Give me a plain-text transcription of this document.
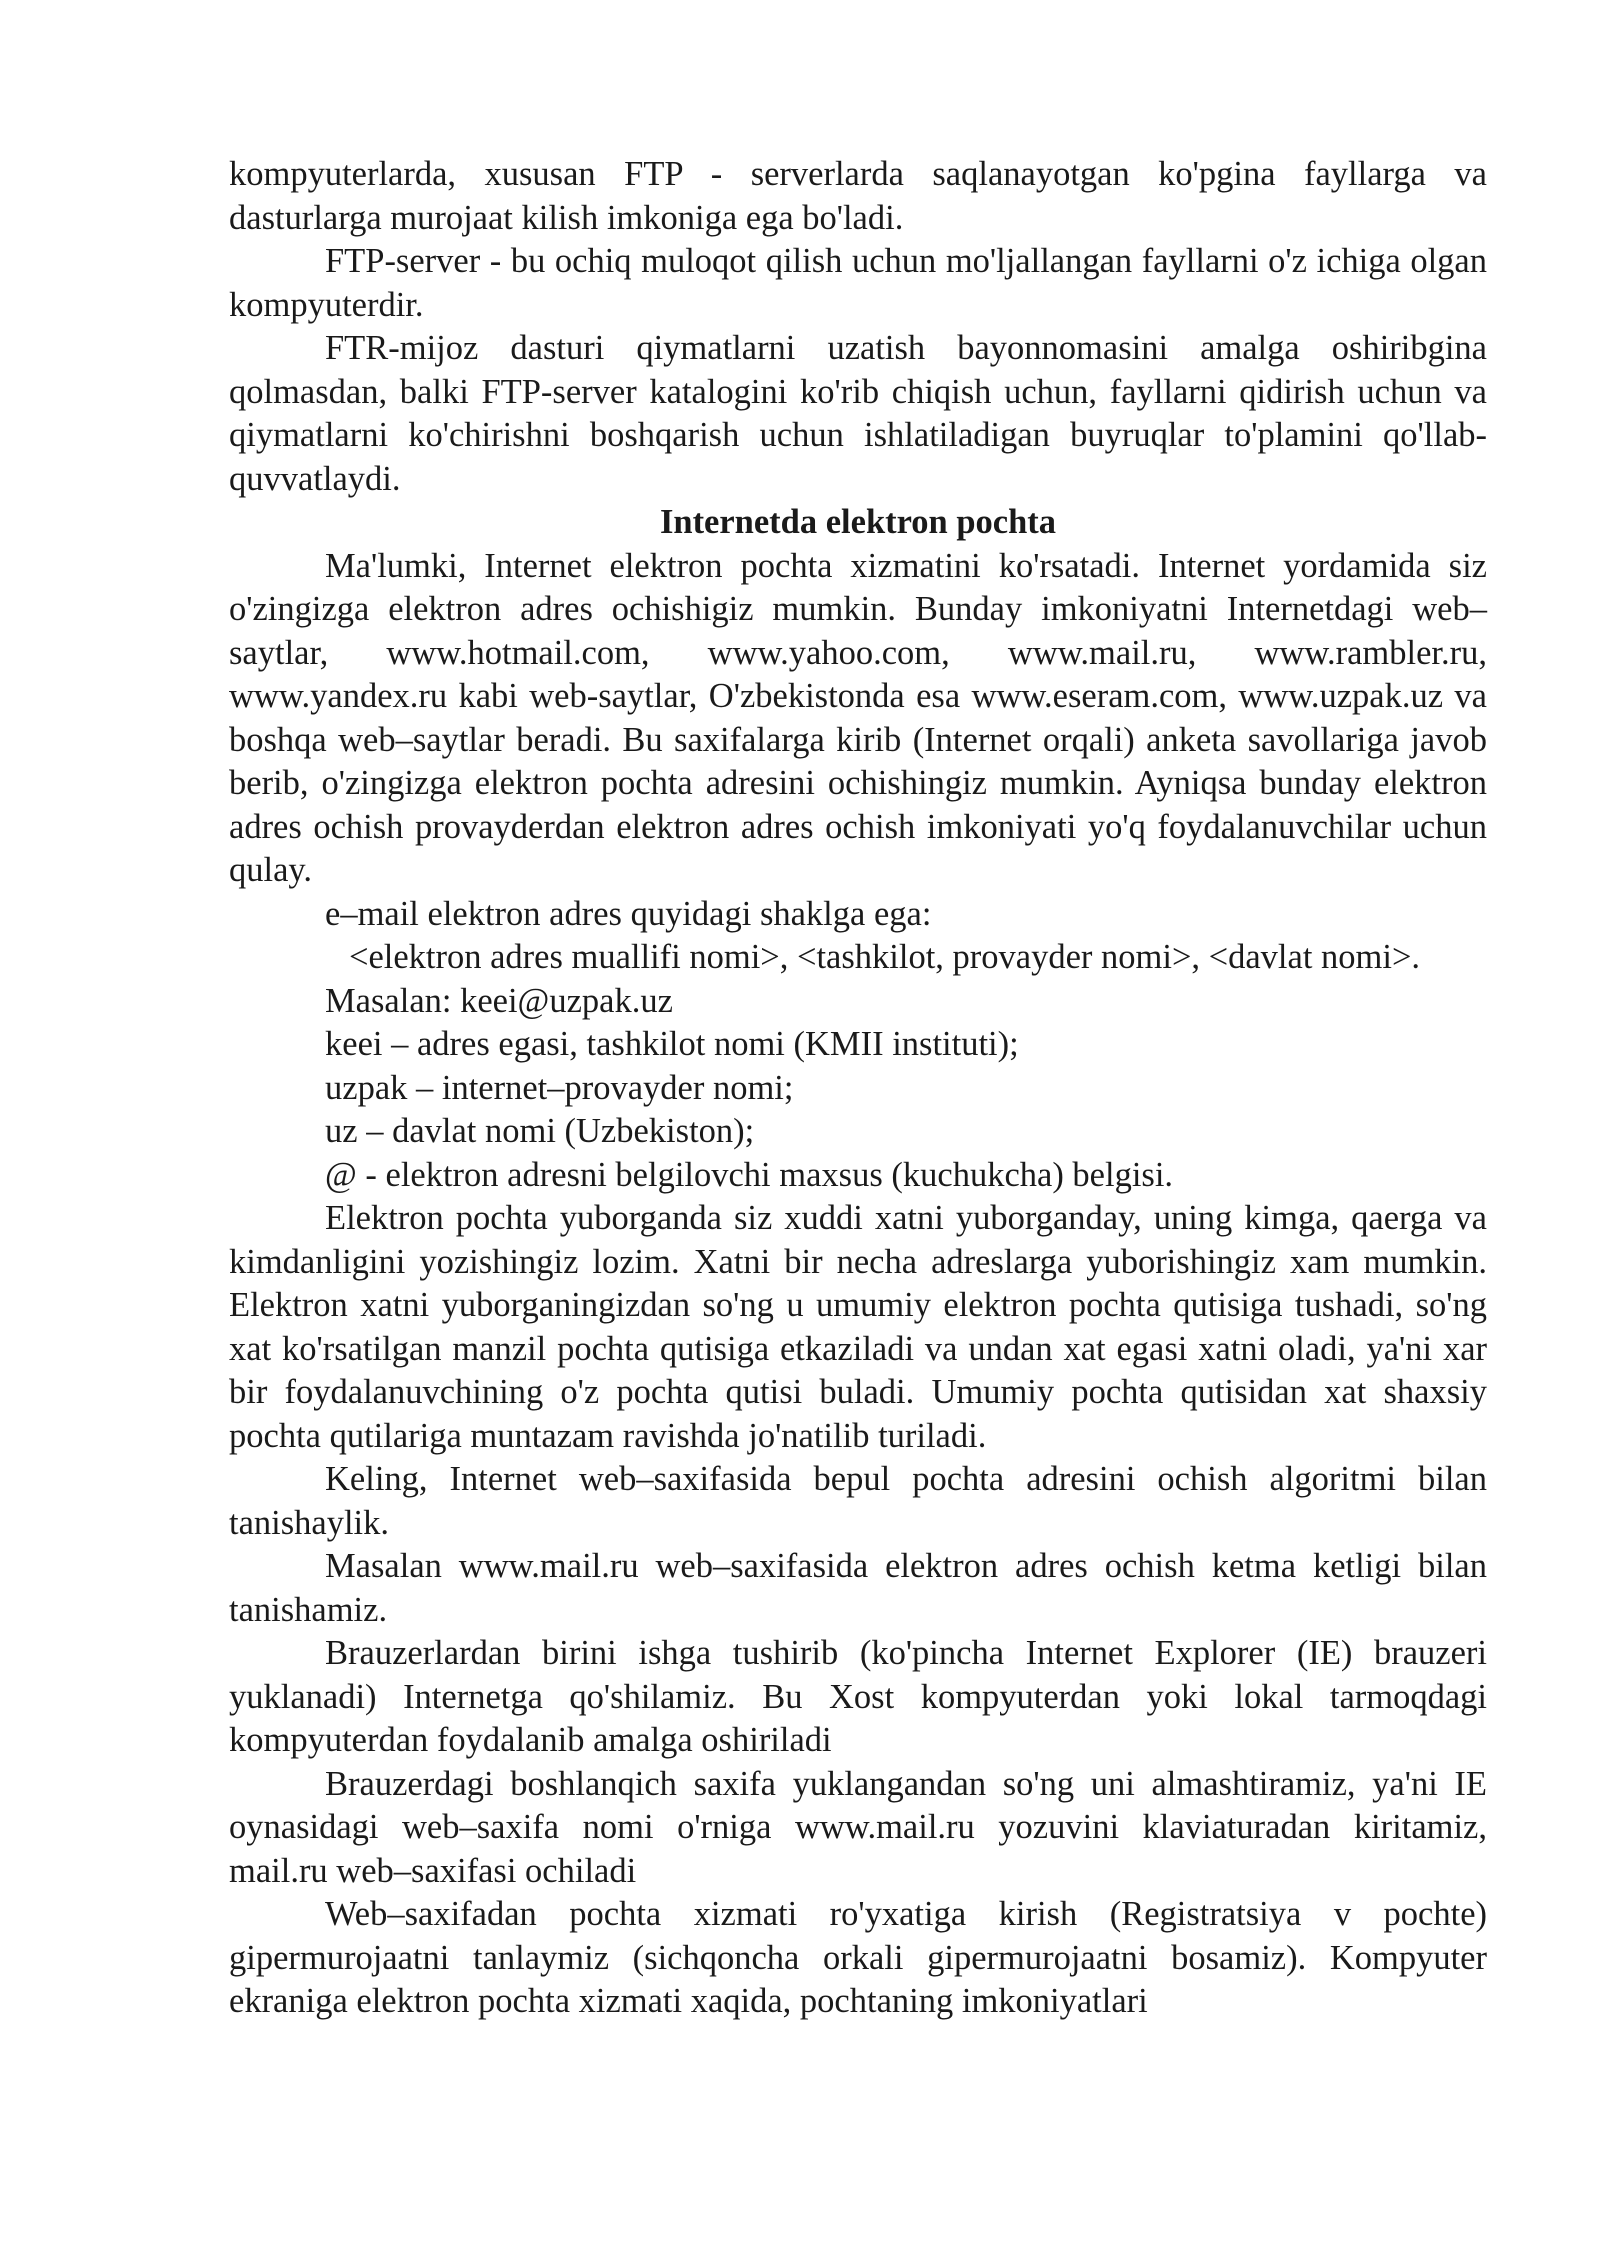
kompyuterlarda, xususan FTP - serverlarda saqlanayotgan ko'pgina fayllarga va dasturlarga murojaat kilish imkoniga ega bo'ladi.

FTP-server - bu ochiq muloqot qilish uchun mo'ljallangan fayllarni o'z ichiga olgan kompyuterdir.

FTR-mijoz dasturi qiymatlarni uzatish bayonnomasini amalga oshiribgina qolmasdan, balki FTP-server katalogini ko'rib chiqish uchun, fayllarni qidirish uchun va qiymatlarni ko'chirishni boshqarish uchun ishlatiladigan buyruqlar to'plamini qo'llab-quvvatlaydi.

Internetda elektron pochta

Ma'lumki, Internet elektron pochta xizmatini ko'rsatadi. Internet yordamida siz o'zingizga elektron adres ochishigiz mumkin. Bunday imkoniyatni Internetdagi web–saytlar, www.hotmail.com, www.yahoo.com, www.mail.ru, www.rambler.ru, www.yandex.ru kabi web-saytlar, O'zbekistonda esa www.eseram.com, www.uzpak.uz va boshqa web–saytlar beradi. Bu saxifalarga kirib (Internet orqali) anketa savollariga javob berib, o'zingizga elektron pochta adresini ochishingiz mumkin. Ayniqsa bunday elektron adres ochish provayderdan elektron adres ochish imkoniyati yo'q foydalanuvchilar uchun qulay.

e–mail elektron adres quyidagi shaklga ega:

<elektron adres muallifi nomi>, <tashkilot, provayder nomi>, <davlat nomi>.

Masalan: keei@uzpak.uz

keei – adres egasi, tashkilot nomi (KMII instituti);

uzpak – internet–provayder nomi;

uz – davlat nomi (Uzbekiston);

@ - elektron adresni belgilovchi maxsus (kuchukcha) belgisi.

Elektron pochta yuborganda siz xuddi xatni yuborganday, uning kimga, qaerga va kimdanligini yozishingiz lozim. Xatni bir necha adreslarga yuborishingiz xam mumkin. Elektron xatni yuborganingizdan so'ng u umumiy elektron pochta qutisiga tushadi, so'ng xat ko'rsatilgan manzil pochta qutisiga etkaziladi va undan xat egasi xatni oladi, ya'ni xar bir foydalanuvchining o'z pochta qutisi buladi. Umumiy pochta qutisidan xat shaxsiy pochta qutilariga muntazam ravishda jo'natilib turiladi.

Keling, Internet web–saxifasida bepul pochta adresini ochish algoritmi bilan tanishaylik.

Masalan www.mail.ru web–saxifasida elektron adres ochish ketma ketligi bilan tanishamiz.

Brauzerlardan birini ishga tushirib (ko'pincha Internet Explorer (IE) brauzeri yuklanadi) Internetga qo'shilamiz. Bu Xost kompyuterdan yoki lokal tarmoqdagi kompyuterdan foydalanib amalga oshiriladi

Brauzerdagi boshlanqich saxifa yuklangandan so'ng uni almashtiramiz, ya'ni IE oynasidagi web–saxifa nomi o'rniga www.mail.ru yozuvini klaviaturadan kiritamiz, mail.ru web–saxifasi ochiladi

Web–saxifadan pochta xizmati ro'yxatiga kirish (Registratsiya v pochte) gipermurojaatni tanlaymiz (sichqoncha orkali gipermurojaatni bosamiz). Kompyuter ekraniga elektron pochta xizmati xaqida, pochtaning imkoniyatlari
